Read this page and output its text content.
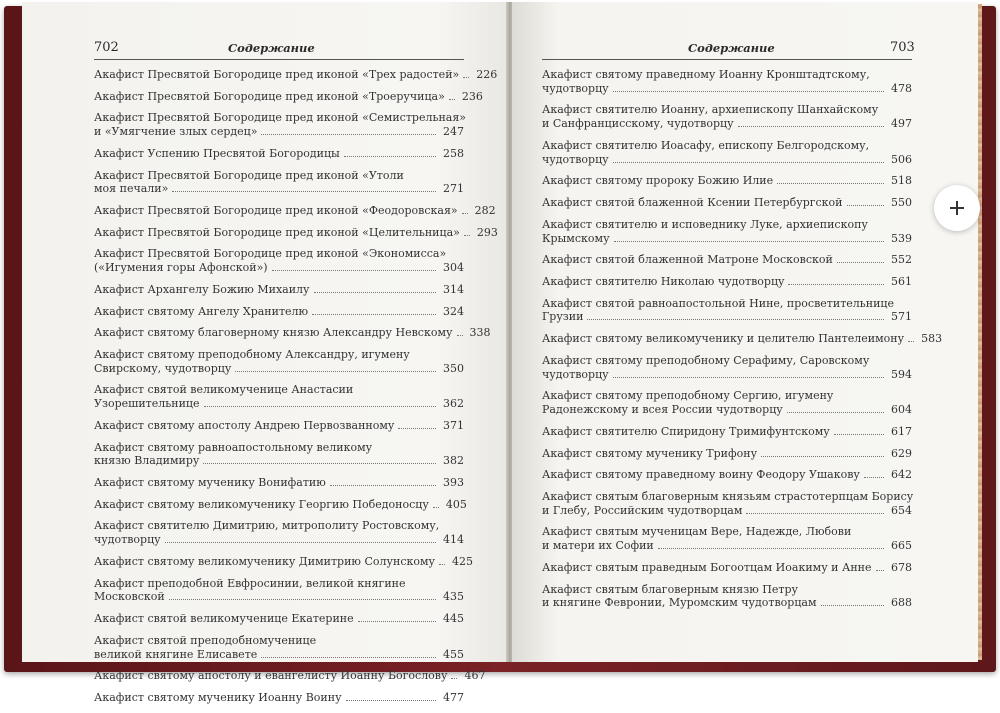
702	Содержание
Акафист Пресвятой Богородице пред иконой «Трех радостей» 226
Акафист Пресвятой Богородице пред иконой «Троеручица» 236
Акафист Пресвятой Богородице пред иконой «Семистрельная»
и «Умягчение злых сердец»	247
Акафист Успению Пресвятой Богородицы	258
Акафист Пресвятой Богородице пред иконой «Утоли
моя печали»	271
Акафист Пресвятой Богородице пред иконой «Феодоровская» 282
Акафист Пресвятой Богородице пред иконой «Целительница» 293
Акафист Пресвятой Богородице пред иконой «Экономисса»
(«Игумения горы Афонской»)	304
Акафист Архангелу Божию Михаилу	314
Акафист святому Ангелу Хранителю	324
Акафист святому благоверному князю Александру Невскому 338
Акафист святому преподобному Александру, игумену
Свирскому, чудотворцу	350
Акафист святой великомученице Анастасии
Узорешительнице	362
Акафист святому апостолу Андрею Первозванному	371
Акафист святому равноапостольному великому
князю Владимиру	382
Акафист святому мученику Вонифатию	393
Акафист святому великомученику Георгию Победоносцу 405
Акафист святителю Димитрию, митрополиту Ростовскому,
чудотворцу	414
Акафист святому великомученику Димитрию Солунскому 425
Акафист преподобной Евфросинии, великой княгине
Московской	435
Акафист святой великомученице Екатерине	445
Акафист святой преподобномученице
великой княгине Елисавете	455
Акафист святому апостолу и евангелисту Иоанну Богослову 467
Акафист святому мученику Иоанну Воину	477
Содержание	703
Акафист святому праведному Иоанну Кронштадтскому,
чудотворцу	478
Акафист святителю Иоанну, архиепископу Шанхайскому
и Санфранцисскому, чудотворцу	497
Акафист святителю Иоасафу, епископу Белгородскому,
чудотворцу	506
Акафист святому пророку Божию Илие	518
Акафист святой блаженной Ксении Петербургской	550
Акафист святителю и исповеднику Луке, архиепископу
Крымскому	539
Акафист святой блаженной Матроне Московской	552
Акафист святителю Николаю чудотворцу	561
Акафист святой равноапостольной Нине, просветительнице
Грузии	571
Акафист святому великомученику и целителю Пантелеимону 583
Акафист святому преподобному Серафиму, Саровскому
чудотворцу	594
Акафист святому преподобному Сергию, игумену
Радонежскому и всея России чудотворцу	604
Акафист святителю Спиридону Тримифунтскому	617
Акафист святому мученику Трифону	629
Акафист святому праведному воину Феодору Ушакову	642
Акафист святым благоверным князьям страстотерпцам Борису
и Глебу, Российским чудотворцам	654
Акафист святым мученицам Вере, Надежде, Любови
и матери их Софии	665
Акафист святым праведным Богоотцам Иоакиму и Анне 678
Акафист святым благоверным князю Петру
и княгине Февронии, Муромским чудотворцам	688
